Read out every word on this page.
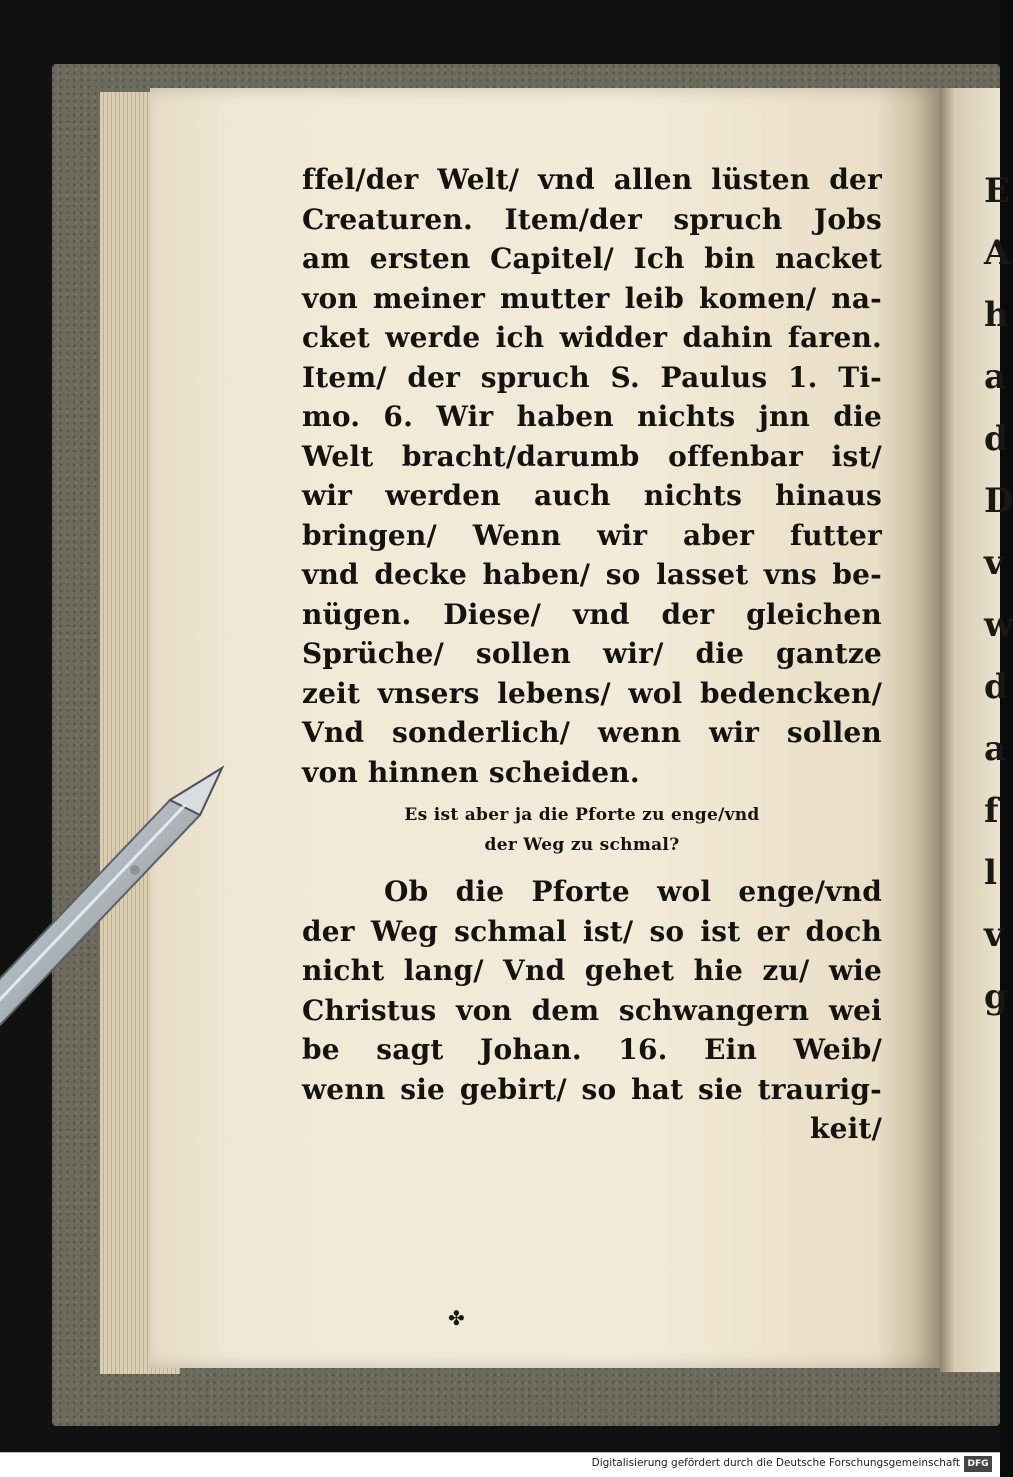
E
A
h
a
d
D
v
w
d
a
f
l
v
g
ffel/der Welt/ vnd allen lüsten der
Creaturen. Item/der spruch Jobs
am ersten Capitel/ Ich bin nacket
von meiner mutter leib komen/ na-
cket werde ich widder dahin faren.
Item/ der spruch S. Paulus 1. Ti-
mo. 6. Wir haben nichts jnn die
Welt bracht/darumb offenbar ist/
wir werden auch nichts hinaus
bringen/ Wenn wir aber futter
vnd decke haben/ so lasset vns be-
nügen. Diese/ vnd der gleichen
Sprüche/ sollen wir/ die gantze
zeit vnsers lebens/ wol bedencken/
Vnd sonderlich/ wenn wir sollen
von hinnen scheiden.
Es ist aber ja die Pforte zu enge/vnd
der Weg zu schmal?
Ob die Pforte wol enge/vnd
der Weg schmal ist/ so ist er doch
nicht lang/ Vnd gehet hie zu/ wie
Christus von dem schwangern wei
be sagt Johan. 16. Ein Weib/
wenn sie gebirt/ so hat sie traurig-
keit/
✤
Digitalisierung gefördert durch die Deutsche Forschungsgemeinschaft DFG
